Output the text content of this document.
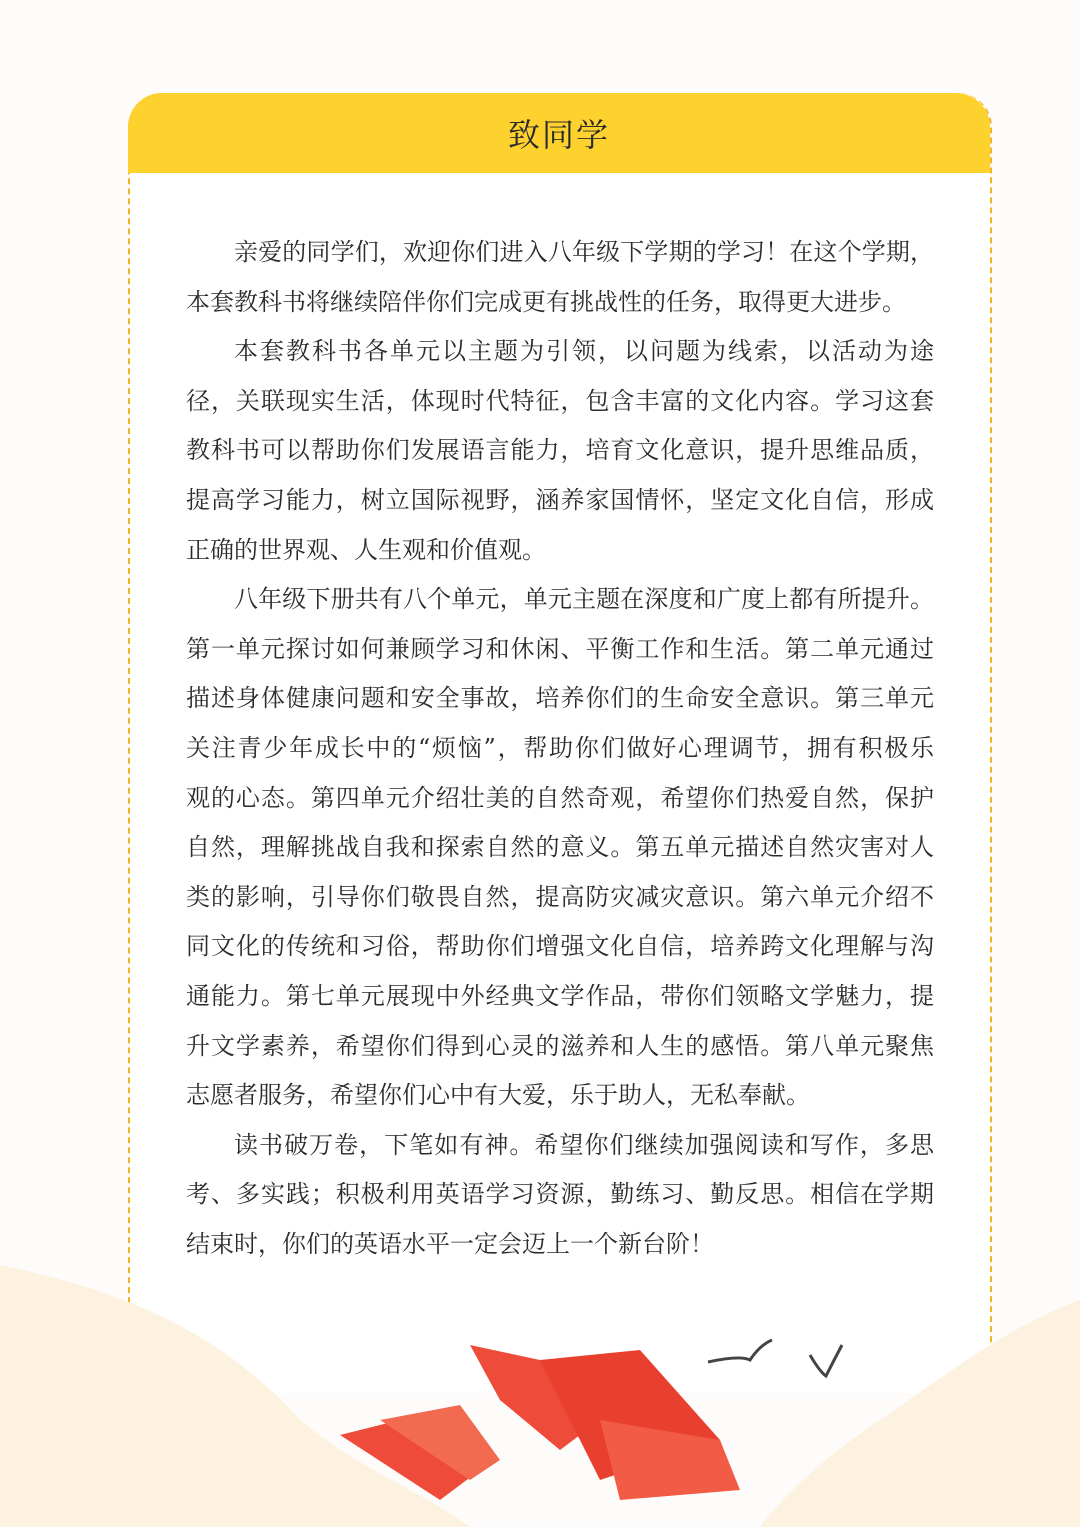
致同学
亲爱的同学们，欢迎你们进入八年级下学期的学习！在这个学期，
本套教科书将继续陪伴你们完成更有挑战性的任务，取得更大进步。
本套教科书各单元以主题为引领，以问题为线索，以活动为途
径，关联现实生活，体现时代特征，包含丰富的文化内容。学习这套
教科书可以帮助你们发展语言能力，培育文化意识，提升思维品质，
提高学习能力，树立国际视野，涵养家国情怀，坚定文化自信，形成
正确的世界观、人生观和价值观。
八年级下册共有八个单元，单元主题在深度和广度上都有所提升。
第一单元探讨如何兼顾学习和休闲、平衡工作和生活。第二单元通过
描述身体健康问题和安全事故，培养你们的生命安全意识。第三单元
关注青少年成长中的“烦恼”，帮助你们做好心理调节，拥有积极乐
观的心态。第四单元介绍壮美的自然奇观，希望你们热爱自然，保护
自然，理解挑战自我和探索自然的意义。第五单元描述自然灾害对人
类的影响，引导你们敬畏自然，提高防灾减灾意识。第六单元介绍不
同文化的传统和习俗，帮助你们增强文化自信，培养跨文化理解与沟
通能力。第七单元展现中外经典文学作品，带你们领略文学魅力，提
升文学素养，希望你们得到心灵的滋养和人生的感悟。第八单元聚焦
志愿者服务，希望你们心中有大爱，乐于助人，无私奉献。
读书破万卷，下笔如有神。希望你们继续加强阅读和写作，多思
考、多实践；积极利用英语学习资源，勤练习、勤反思。相信在学期
结束时，你们的英语水平一定会迈上一个新台阶！
